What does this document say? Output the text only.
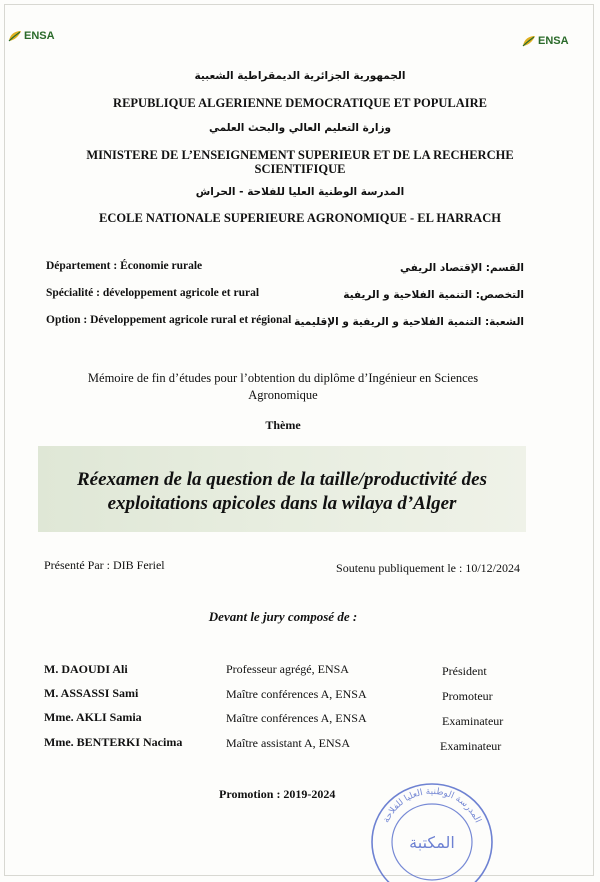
ENSA	ENSA
الجمهورية الجزائرية الديمقراطية الشعبية
REPUBLIQUE ALGERIENNE DEMOCRATIQUE ET POPULAIRE
وزارة التعليم العالي والبحث العلمي
MINISTERE DE L’ENSEIGNEMENT SUPERIEUR ET DE LA RECHERCHE
SCIENTIFIQUE
المدرسة الوطنية العليا للفلاحة - الحراش
ECOLE NATIONALE SUPERIEURE AGRONOMIQUE - EL HARRACH
Département : Économie rurale	القسم: الإقتصاد الريفي
Spécialité : développement agricole et rural	التخصص: التنمية الفلاحية و الريفية
Option : Développement agricole rural et régional الشعبة: التنمية الفلاحية و الريفية و الإقليمية
Mémoire de fin d’études pour l’obtention du diplôme d’Ingénieur en Sciences
Agronomique
Thème
Réexamen de la question de la taille/productivité des
exploitations apicoles dans la wilaya d’Alger
Présenté Par : DIB Feriel	Soutenu publiquement le : 10/12/2024
Devant le jury composé de :
M. DAOUDI Ali	Professeur agrégé, ENSA	Président
M. ASSASSI Sami	Maître conférences A, ENSA	Promoteur
Mme. AKLI Samia	Maître conférences A, ENSA	Examinateur
Mme. BENTERKI Nacima	Maître assistant A, ENSA	Examinateur
Promotion : 2019-2024
المدرسة الوطنية العليا للفلاحة
المكتبة
